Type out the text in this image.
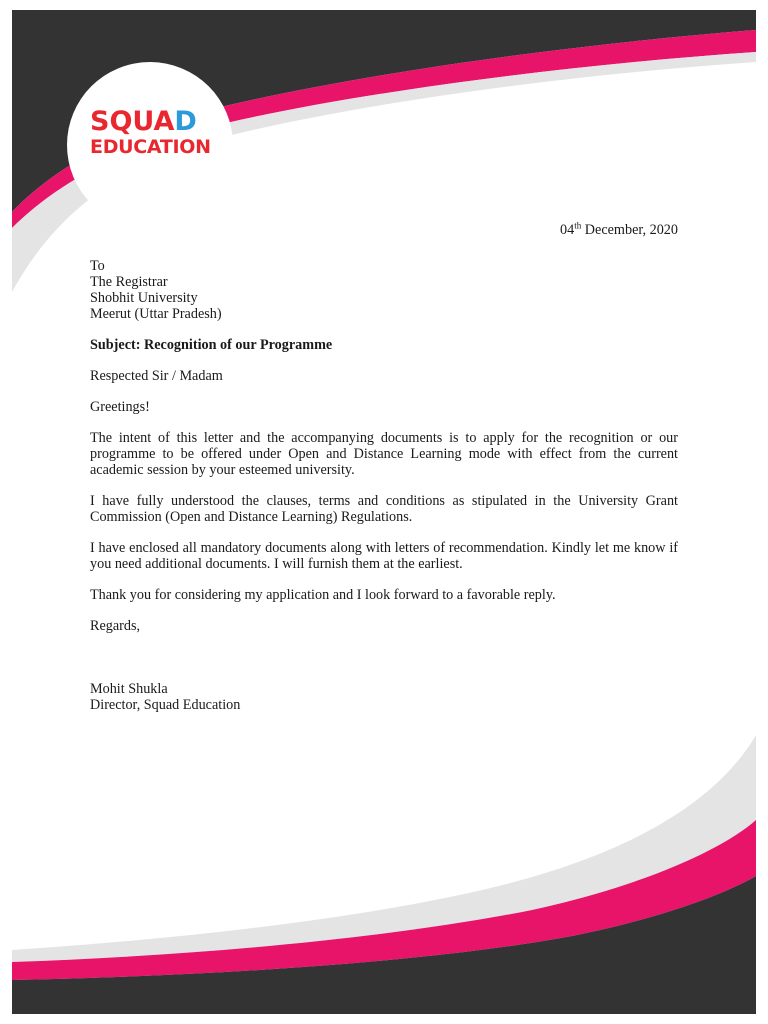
SQUAD
EDUCATION
04th December, 2020
To
The Registrar
Shobhit University
Meerut (Uttar Pradesh)

Subject: Recognition of our Programme

Respected Sir / Madam

Greetings!

The intent of this letter and the accompanying documents is to apply for the recognition or our programme to be offered under Open and Distance Learning mode with effect from the current academic session by your esteemed university.

I have fully understood the clauses, terms and conditions as stipulated in the University Grant Commission (Open and Distance Learning) Regulations.

I have enclosed all mandatory documents along with letters of recommendation. Kindly let me know if you need additional documents. I will furnish them at the earliest.

Thank you for considering my application and I look forward to a favorable reply.

Regards,

Mohit Shukla
Director, Squad Education
